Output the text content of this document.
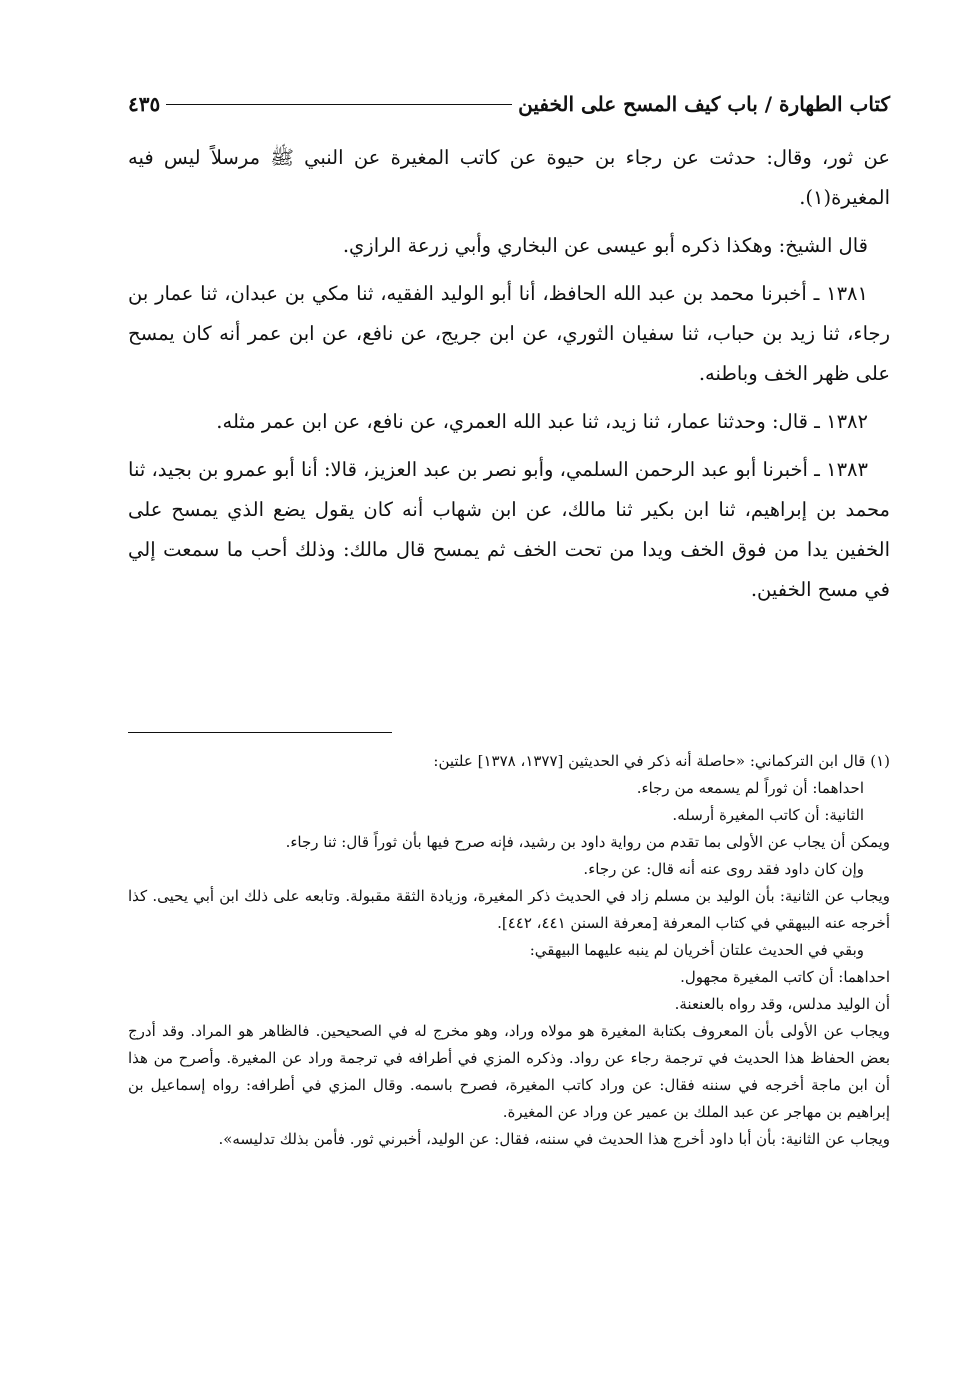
كتاب الطهارة / باب كيف المسح على الخفين
٤٣٥

عن ثور، وقال: حدثت عن رجاء بن حيوة عن كاتب المغيرة عن النبي ﷺ مرسلاً ليس فيه المغيرة(١).

قال الشيخ: وهكذا ذكره أبو عيسى عن البخاري وأبي زرعة الرازي.

١٣٨١ ـ أخبرنا محمد بن عبد الله الحافظ، أنا أبو الوليد الفقيه، ثنا مكي بن عبدان، ثنا عمار بن رجاء، ثنا زيد بن حباب، ثنا سفيان الثوري، عن ابن جريج، عن نافع، عن ابن عمر أنه كان يمسح على ظهر الخف وباطنه.

١٣٨٢ ـ قال: وحدثنا عمار، ثنا زيد، ثنا عبد الله العمري، عن نافع، عن ابن عمر مثله.

١٣٨٣ ـ أخبرنا أبو عبد الرحمن السلمي، وأبو نصر بن عبد العزيز، قالا: أنا أبو عمرو بن بجيد، ثنا محمد بن إبراهيم، ثنا ابن بكير ثنا مالك، عن ابن شهاب أنه كان يقول يضع الذي يمسح على الخفين يدا من فوق الخف ويدا من تحت الخف ثم يمسح قال مالك: وذلك أحب ما سمعت إلي في مسح الخفين.

(١) قال ابن التركماني: «حاصلة أنه ذكر في الحديثين [١٣٧٧، ١٣٧٨] علتين:

احداهما: أن ثوراً لم يسمعه من رجاء.

الثانية: أن كاتب المغيرة أرسله.

ويمكن أن يجاب عن الأولى بما تقدم من رواية داود بن رشيد، فإنه صرح فيها بأن ثوراً قال: ثنا رجاء.

وإن كان داود فقد روى عنه أنه قال: عن رجاء.

ويجاب عن الثانية: بأن الوليد بن مسلم زاد في الحديث ذكر المغيرة، وزيادة الثقة مقبولة. وتابعه على ذلك ابن أبي يحيى. كذا أخرجه عنه البيهقي في كتاب المعرفة [معرفة السنن ٤٤١، ٤٤٢].

وبقي في الحديث علتان أخريان لم ينبه عليهما البيهقي:

احداهما: أن كاتب المغيرة مجهول.

أن الوليد مدلس، وقد رواه بالعنعنة.

ويجاب عن الأولى بأن المعروف بكتابة المغيرة هو مولاه وراد، وهو مخرج له في الصحيحين. فالظاهر هو المراد. وقد أدرج بعض الحفاظ هذا الحديث في ترجمة رجاء عن رواد. وذكره المزي في أطرافه في ترجمة وراد عن المغيرة. وأصرح من هذا أن ابن ماجة أخرجه في سننه فقال: عن وراد كاتب المغيرة، فصرح باسمه. وقال المزي في أطرافه: رواه إسماعيل بن إبراهيم بن مهاجر عن عبد الملك بن عمير عن وراد عن المغيرة.

ويجاب عن الثانية: بأن أبا داود أخرج هذا الحديث في سننه، فقال: عن الوليد، أخبرني ثور. فأمن بذلك تدليسه».
